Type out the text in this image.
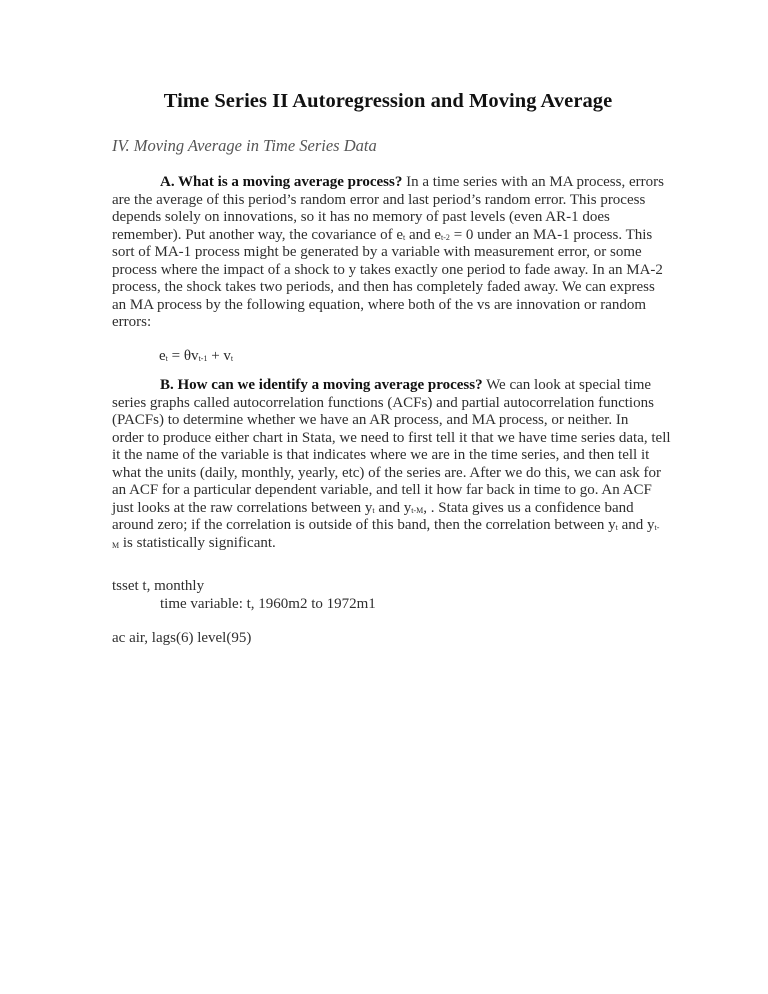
Time Series II Autoregression and Moving Average
IV. Moving Average in Time Series Data
A. What is a moving average process? In a time series with an MA process, errors
are the average of this period’s random error and last period’s random error. This process
depends solely on innovations, so it has no memory of past levels (even AR-1 does
remember). Put another way, the covariance of $e_t$ and $e_{t-2} = 0$ under an MA-1 process. This
sort of MA-1 process might be generated by a variable with measurement error, or some
process where the impact of a shock to y takes exactly one period to fade away. In an MA-2
process, the shock takes two periods, and then has completely faded away. We can express
an MA process by the following equation, where both of the vs are innovation or random
errors:
$e_t = \theta v_{t-1} + v_t$
B. How can we identify a moving average process? We can look at special time
series graphs called autocorrelation functions (ACFs) and partial autocorrelation functions
(PACFs) to determine whether we have an AR process, and MA process, or neither. In
order to produce either chart in Stata, we need to first tell it that we have time series data, tell
it the name of the variable is that indicates where we are in the time series, and then tell it
what the units (daily, monthly, yearly, etc) of the series are. After we do this, we can ask for
an ACF for a particular dependent variable, and tell it how far back in time to go. An ACF
just looks at the raw correlations between $y_t$ and $y_{t-M}$, . Stata gives us a confidence band
around zero; if the correlation is outside of this band, then the correlation between $y_t$ and $y_{t-}$
$_M$ is statistically significant.
tsset t, monthly
time variable: t, 1960m2 to 1972m1
ac air, lags(6) level(95)
